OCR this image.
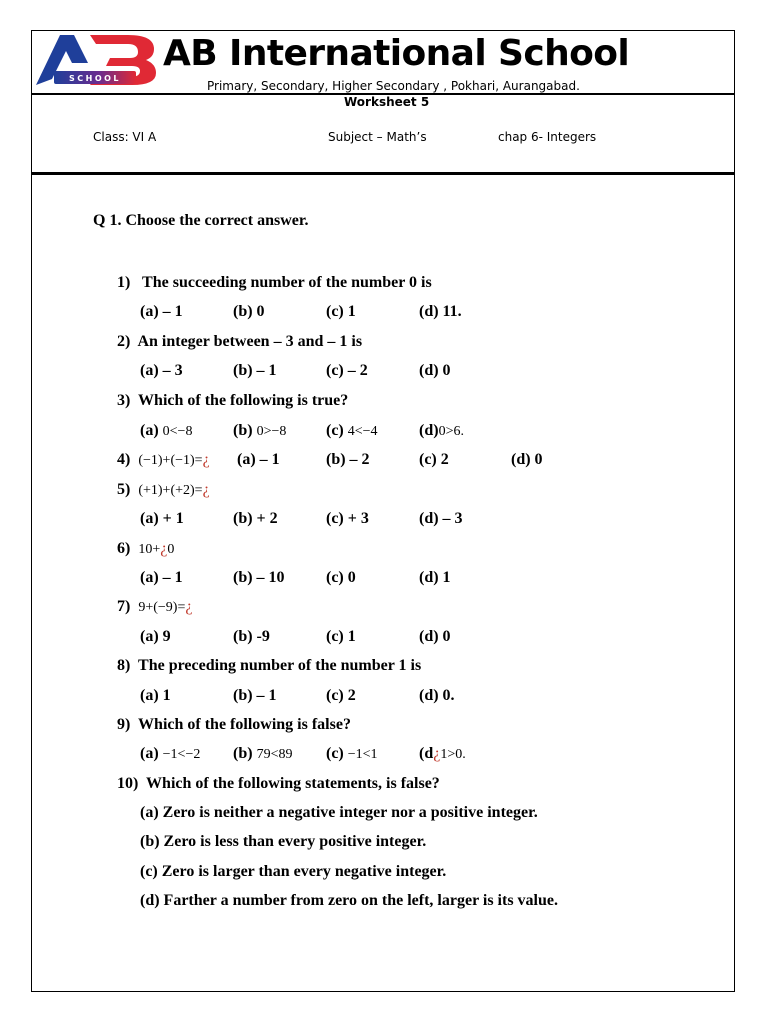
SCHOOL
AB International School
Primary, Secondary, Higher Secondary , Pokhari, Aurangabad.
Worksheet 5
Class: VI A	Subject – Math’s	chap 6- Integers
Q 1. Choose the correct answer.
1) The succeeding number of the number 0 is
(a) – 1	(b) 0	(c) 1	(d) 11.
2) An integer between – 3 and – 1 is
(a) – 3	(b) – 1	(c) – 2	(d) 0
3) Which of the following is true?
(a) 0<−8	(b) 0>−8 (c) 4<−4	(d)0>6.
4) (−1)+(−1)=¿ (a) – 1	(b) – 2	(c) 2	(d) 0
5) (+1)+(+2)=¿
(a) + 1	(b) + 2	(c) + 3	(d) – 3
6) 10+¿0
(a) – 1	(b) – 10	(c) 0	(d) 1
7) 9+(−9)=¿
(a) 9	(b) -9	(c) 1	(d) 0
8) The preceding number of the number 1 is
(a) 1	(b) – 1	(c) 2	(d) 0.
9) Which of the following is false?
(a) −1<−2 (b) 79<89 (c) −1<1	(d¿1>0.
10) Which of the following statements, is false?
(a) Zero is neither a negative integer nor a positive integer.
(b) Zero is less than every positive integer.
(c) Zero is larger than every negative integer.
(d) Farther a number from zero on the left, larger is its value.
